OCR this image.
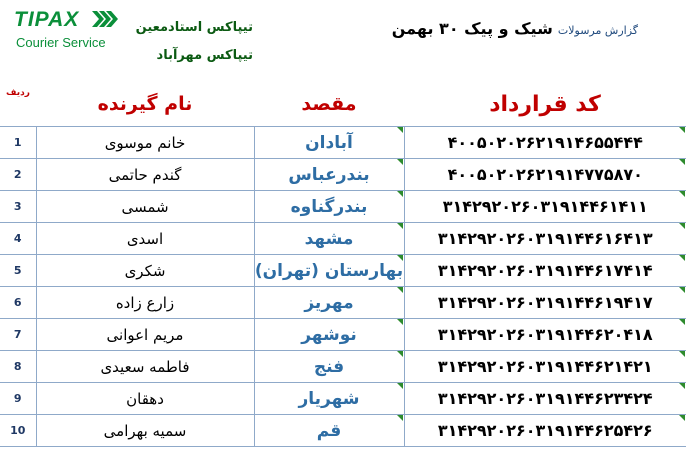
TIPAX
Courier Service
تیپاکس استادمعین
تیپاکس مهرآباد
گزارش مرسولات شیک و پیک ۳۰ بهمن
ردیف	نام گیرنده	مقصد	کد قرارداد
1	خانم موسوی	آبادان	۴۰۰۵۰۲۰۲۶۲۱۹۱۴۶۵۵۴۴۴

2	گندم حاتمی	بندرعباس	۴۰۰۵۰۲۰۲۶۲۱۹۱۴۷۷۵۸۷۰

3	شمسی	بندرگناوه	۳۱۴۲۹۲۰۲۶۰۳۱۹۱۴۴۶۱۴۱۱

4	اسدی	مشهد	۳۱۴۲۹۲۰۲۶۰۳۱۹۱۴۴۶۱۶۴۱۳

5	شکری	بهارستان (تهران)	۳۱۴۲۹۲۰۲۶۰۳۱۹۱۴۴۶۱۷۴۱۴

6	زارع زاده	مهریز	۳۱۴۲۹۲۰۲۶۰۳۱۹۱۴۴۶۱۹۴۱۷

7	مریم اعوانی	نوشهر	۳۱۴۲۹۲۰۲۶۰۳۱۹۱۴۴۶۲۰۴۱۸

8	فاطمه سعیدی	فنج	۳۱۴۲۹۲۰۲۶۰۳۱۹۱۴۴۶۲۱۴۲۱

9	دهقان	شهریار	۳۱۴۲۹۲۰۲۶۰۳۱۹۱۴۴۶۲۳۴۲۴

10	سمیه بهرامی	قم	۳۱۴۲۹۲۰۲۶۰۳۱۹۱۴۴۶۲۵۴۲۶
